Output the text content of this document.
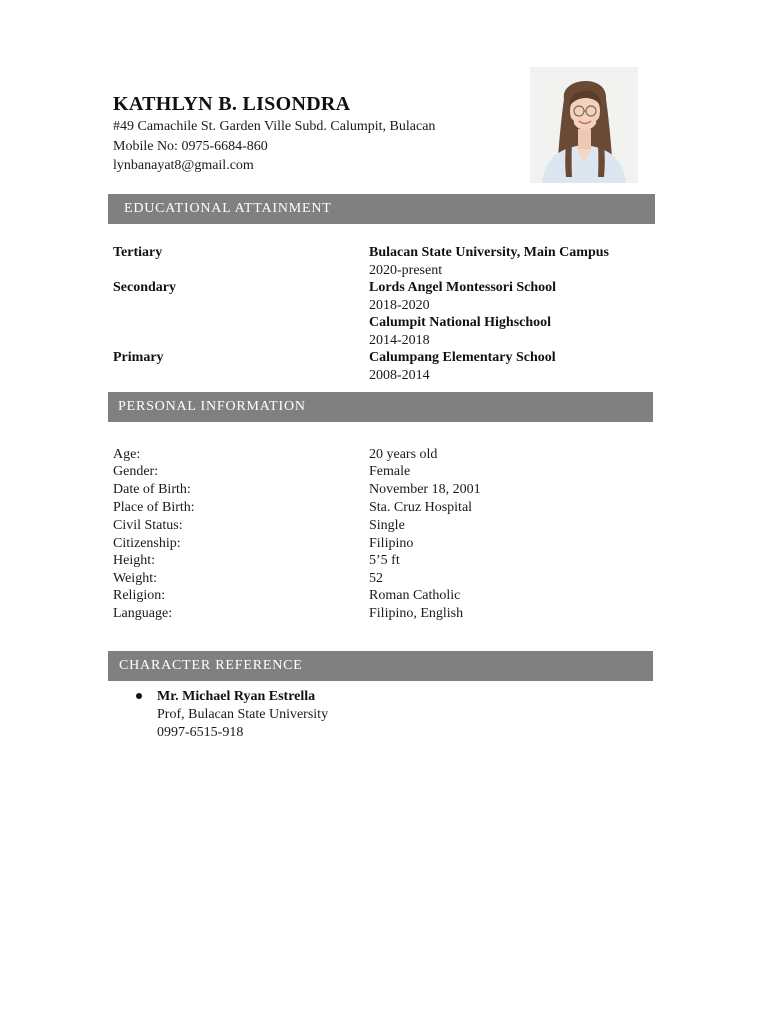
KATHLYN B. LISONDRA
#49 Camachile St. Garden Ville Subd. Calumpit, Bulacan
Mobile No: 0975-6684-860
lynbanayat8@gmail.com
EDUCATIONAL ATTAINMENT
Tertiary	Bulacan State University, Main Campus
2020-present
Secondary	Lords Angel Montessori School
2018-2020
Calumpit National Highschool
2014-2018
Primary	Calumpang Elementary School
2008-2014
PERSONAL INFORMATION
Age:	20 years old
Gender:	Female
Date of Birth:	November 18, 2001
Place of Birth:	Sta. Cruz Hospital
Civil Status:	Single
Citizenship:	Filipino
Height:	5’5 ft
Weight:	52
Religion:	Roman Catholic
Language:	Filipino, English
CHARACTER REFERENCE
Mr. Michael Ryan Estrella
Prof, Bulacan State University
0997-6515-918
